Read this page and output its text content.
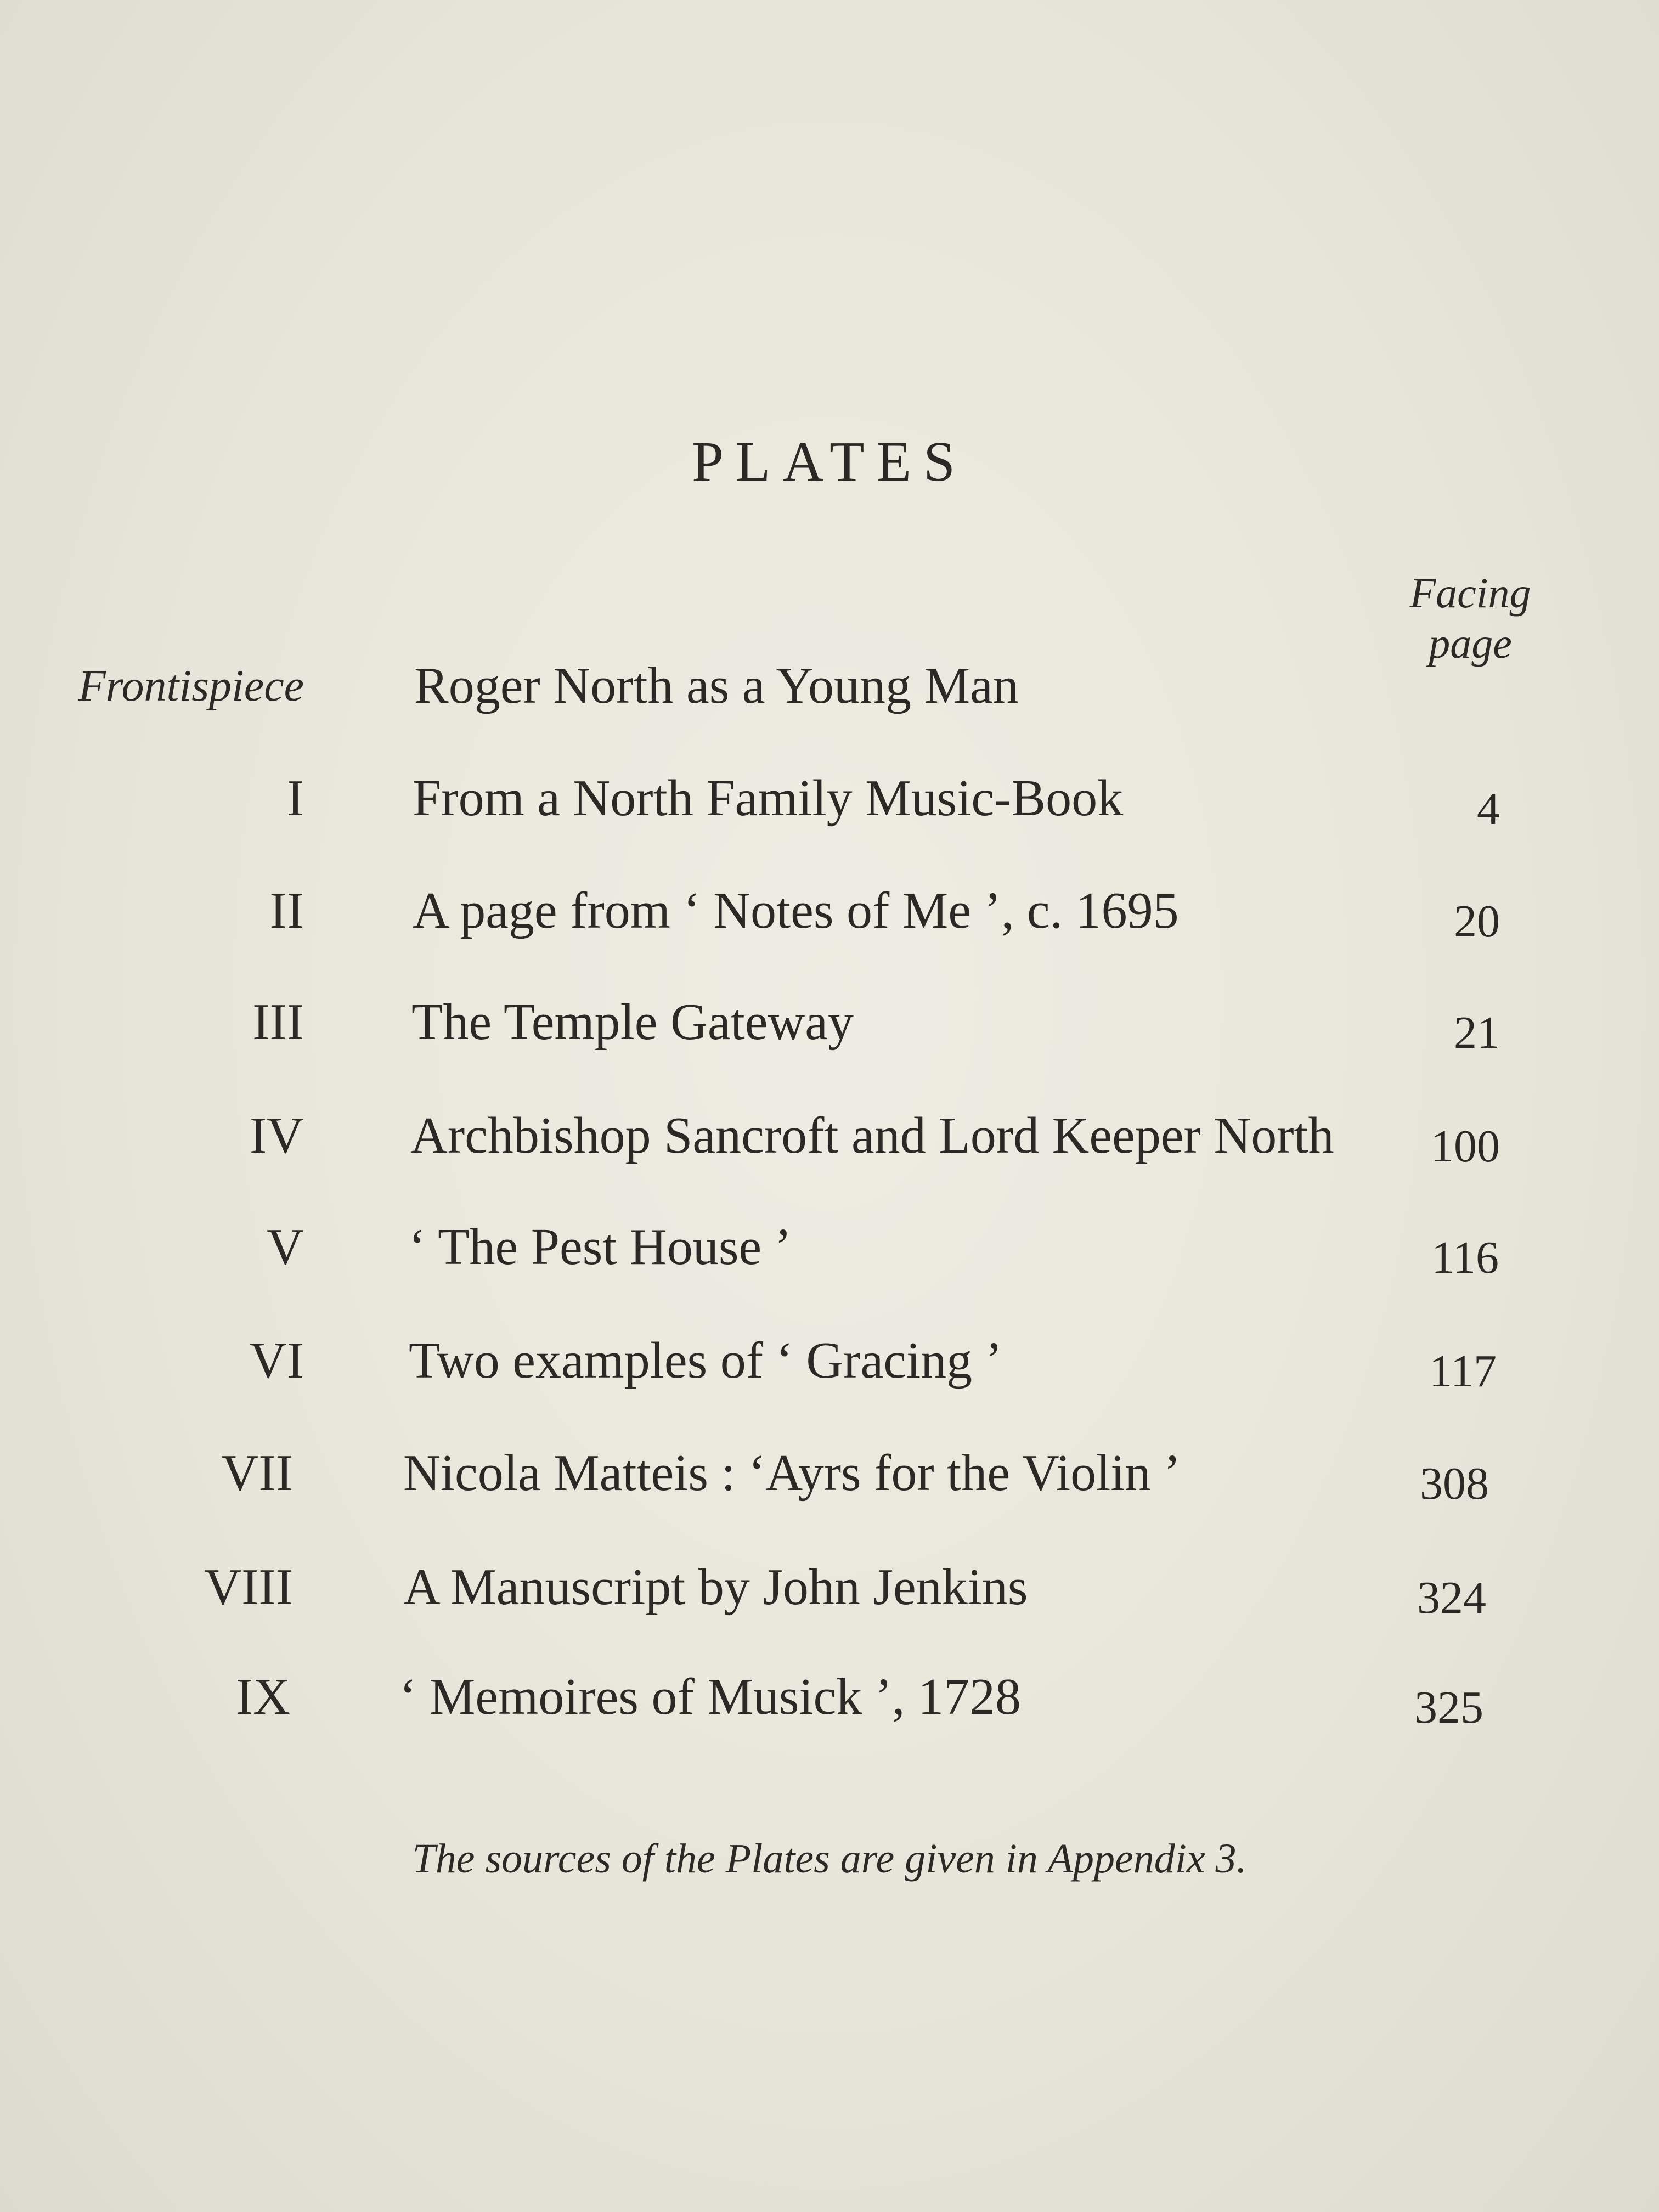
PLATES
Facing
page
Frontispiece Roger North as a Young Man
I From a North Family Music-Book	4
II A page from ‘ Notes of Me ’, c. 1695	20
III The Temple Gateway	21
IV Archbishop Sancroft and Lord Keeper North 100
V ‘ The Pest House ’	116
VI Two examples of ‘ Gracing ’	117
VII Nicola Matteis : ‘Ayrs for the Violin ’	308
VIII A Manuscript by John Jenkins	324
IX ‘ Memoires of Musick ’, 1728	325
The sources of the Plates are given in Appendix 3.
